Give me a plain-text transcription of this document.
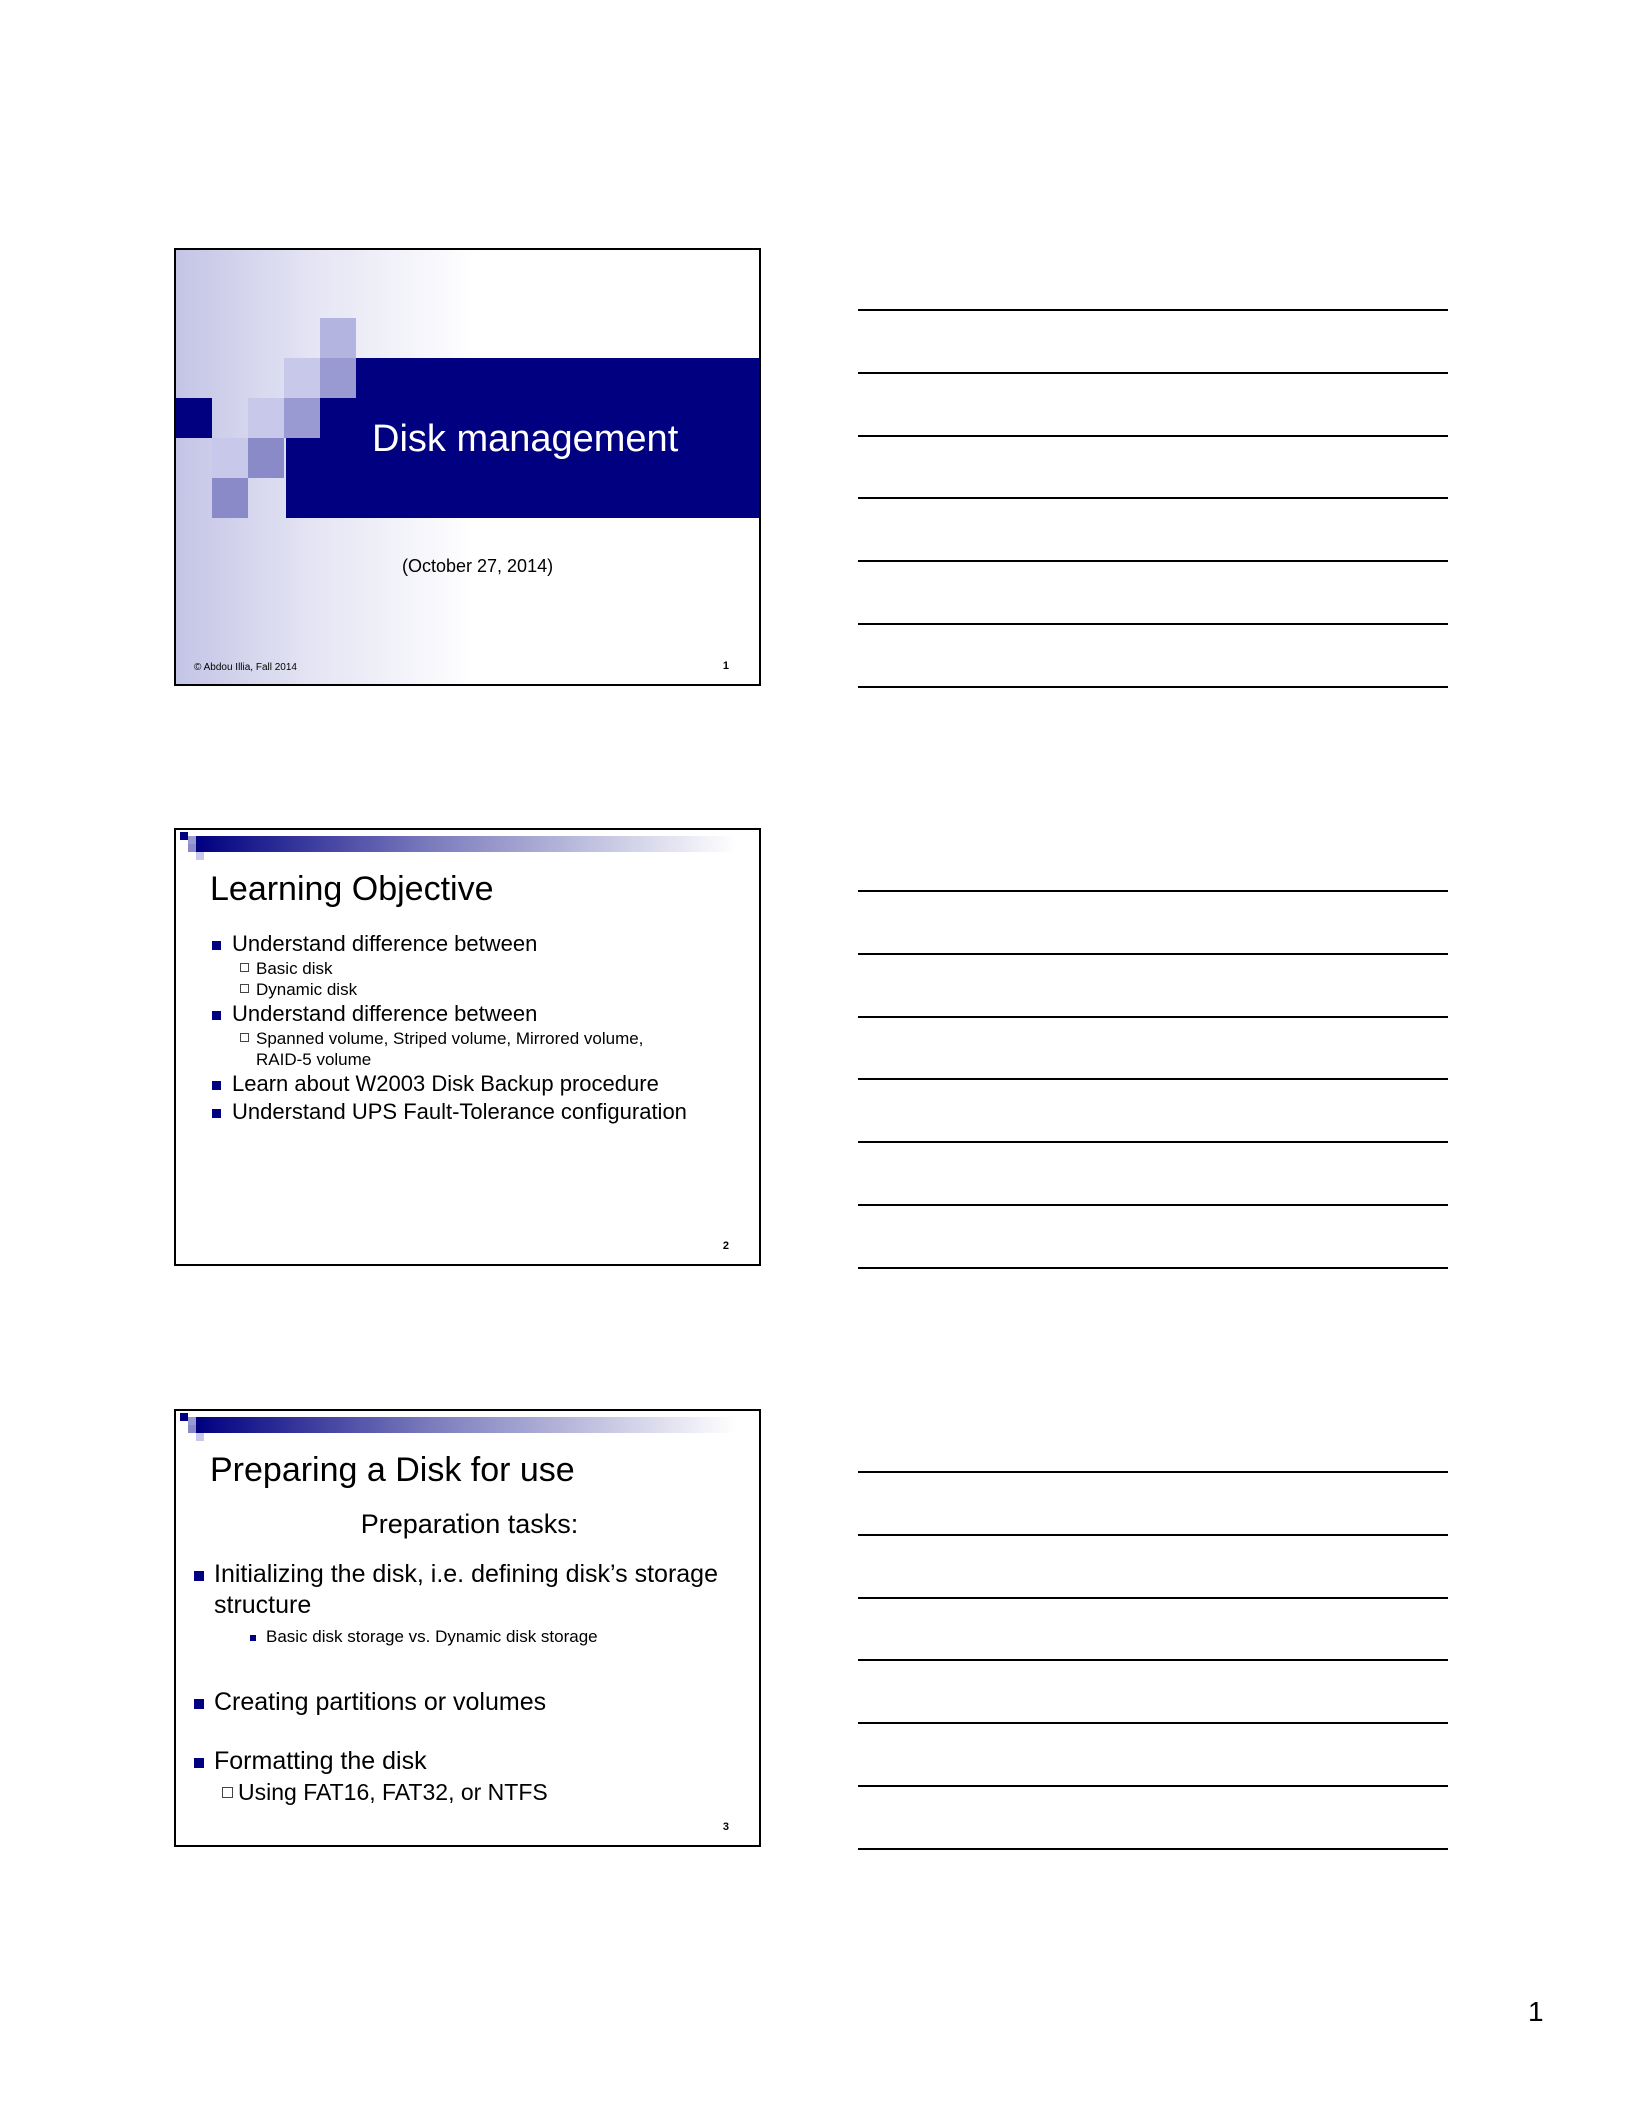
Disk management
(October 27, 2014)
© Abdou Illia, Fall 2014	1
Learning Objective
Understand difference between
Basic disk
Dynamic disk
Understand difference between
Spanned volume, Striped volume, Mirrored volume,
RAID-5 volume
Learn about W2003 Disk Backup procedure
Understand UPS Fault-Tolerance configuration
2
Preparing a Disk for use
Preparation tasks:
Initializing the disk, i.e. defining disk’s storage structure
Basic disk storage vs. Dynamic disk storage
Creating partitions or volumes
Formatting the disk
Using FAT16, FAT32, or NTFS
3
1
